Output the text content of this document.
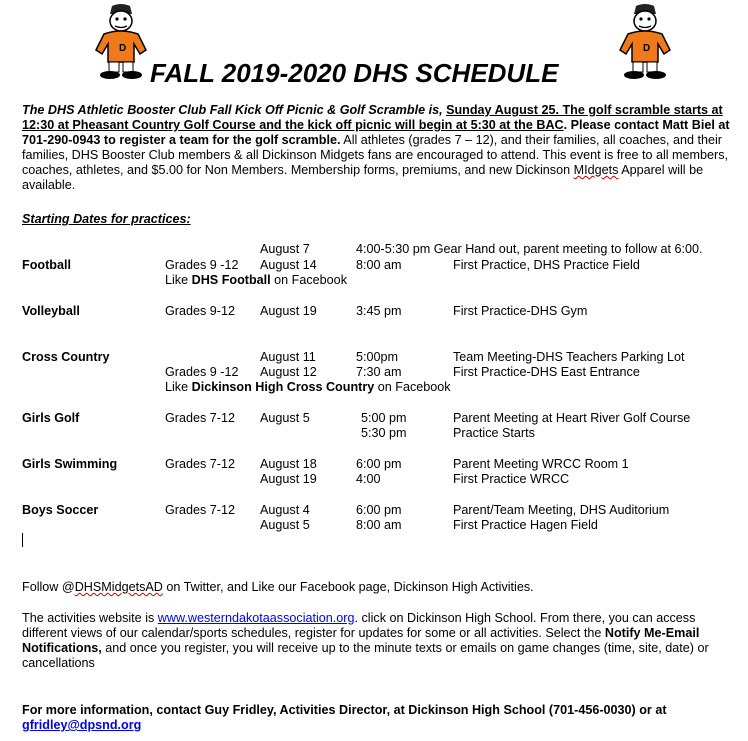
D	D
FALL 2019-2020 DHS SCHEDULE
The DHS Athletic Booster Club Fall Kick Off Picnic & Golf Scramble is, Sunday August 25. The golf scramble starts at 12:30 at Pheasant Country Golf Course and the kick off picnic will begin at 5:30 at the BAC. Please contact Matt Biel at 701-290-0943 to register a team for the golf scramble. All athletes (grades 7 – 12), and their families, all coaches, and their families, DHS Booster Club members & all Dickinson Midgets fans are encouraged to attend. This event is free to all members, coaches, athletes, and $5.00 for Non Members. Membership forms, premiums, and new Dickinson MIdgets Apparel will be available.
Starting Dates for practices:
August 7	4:00-5:30 pm Gear Hand out, parent meeting to follow at 6:00.
Football	Grades 9 -12 August 14	8:00 am	First Practice, DHS Practice Field
Like DHS Football on Facebook
Volleyball	Grades 9-12 August 19	3:45 pm	First Practice-DHS Gym
Cross Country	August 11	5:00pm	Team Meeting-DHS Teachers Parking Lot
Grades 9 -12 August 12	7:30 am	First Practice-DHS East Entrance
Like Dickinson High Cross Country on Facebook
Girls Golf	Grades 7-12 August 5	5:00 pm	Parent Meeting at Heart River Golf Course
5:30 pm	Practice Starts
Girls Swimming	Grades 7-12 August 18	6:00 pm	Parent Meeting WRCC Room 1
August 19	4:00	First Practice WRCC
Boys Soccer	Grades 7-12 August 4	6:00 pm	Parent/Team Meeting, DHS Auditorium
August 5	8:00 am	First Practice Hagen Field
Follow @DHSMidgetsAD on Twitter, and Like our Facebook page, Dickinson High Activities.
The activities website is www.westerndakotaassociation.org. click on Dickinson High School. From there, you can access different views of our calendar/sports schedules, register for updates for some or all activities. Select the Notify Me-Email Notifications, and once you register, you will receive up to the minute texts or emails on game changes (time, site, date) or cancellations
For more information, contact Guy Fridley, Activities Director, at Dickinson High School (701-456-0030) or at gfridley@dpsnd.org
